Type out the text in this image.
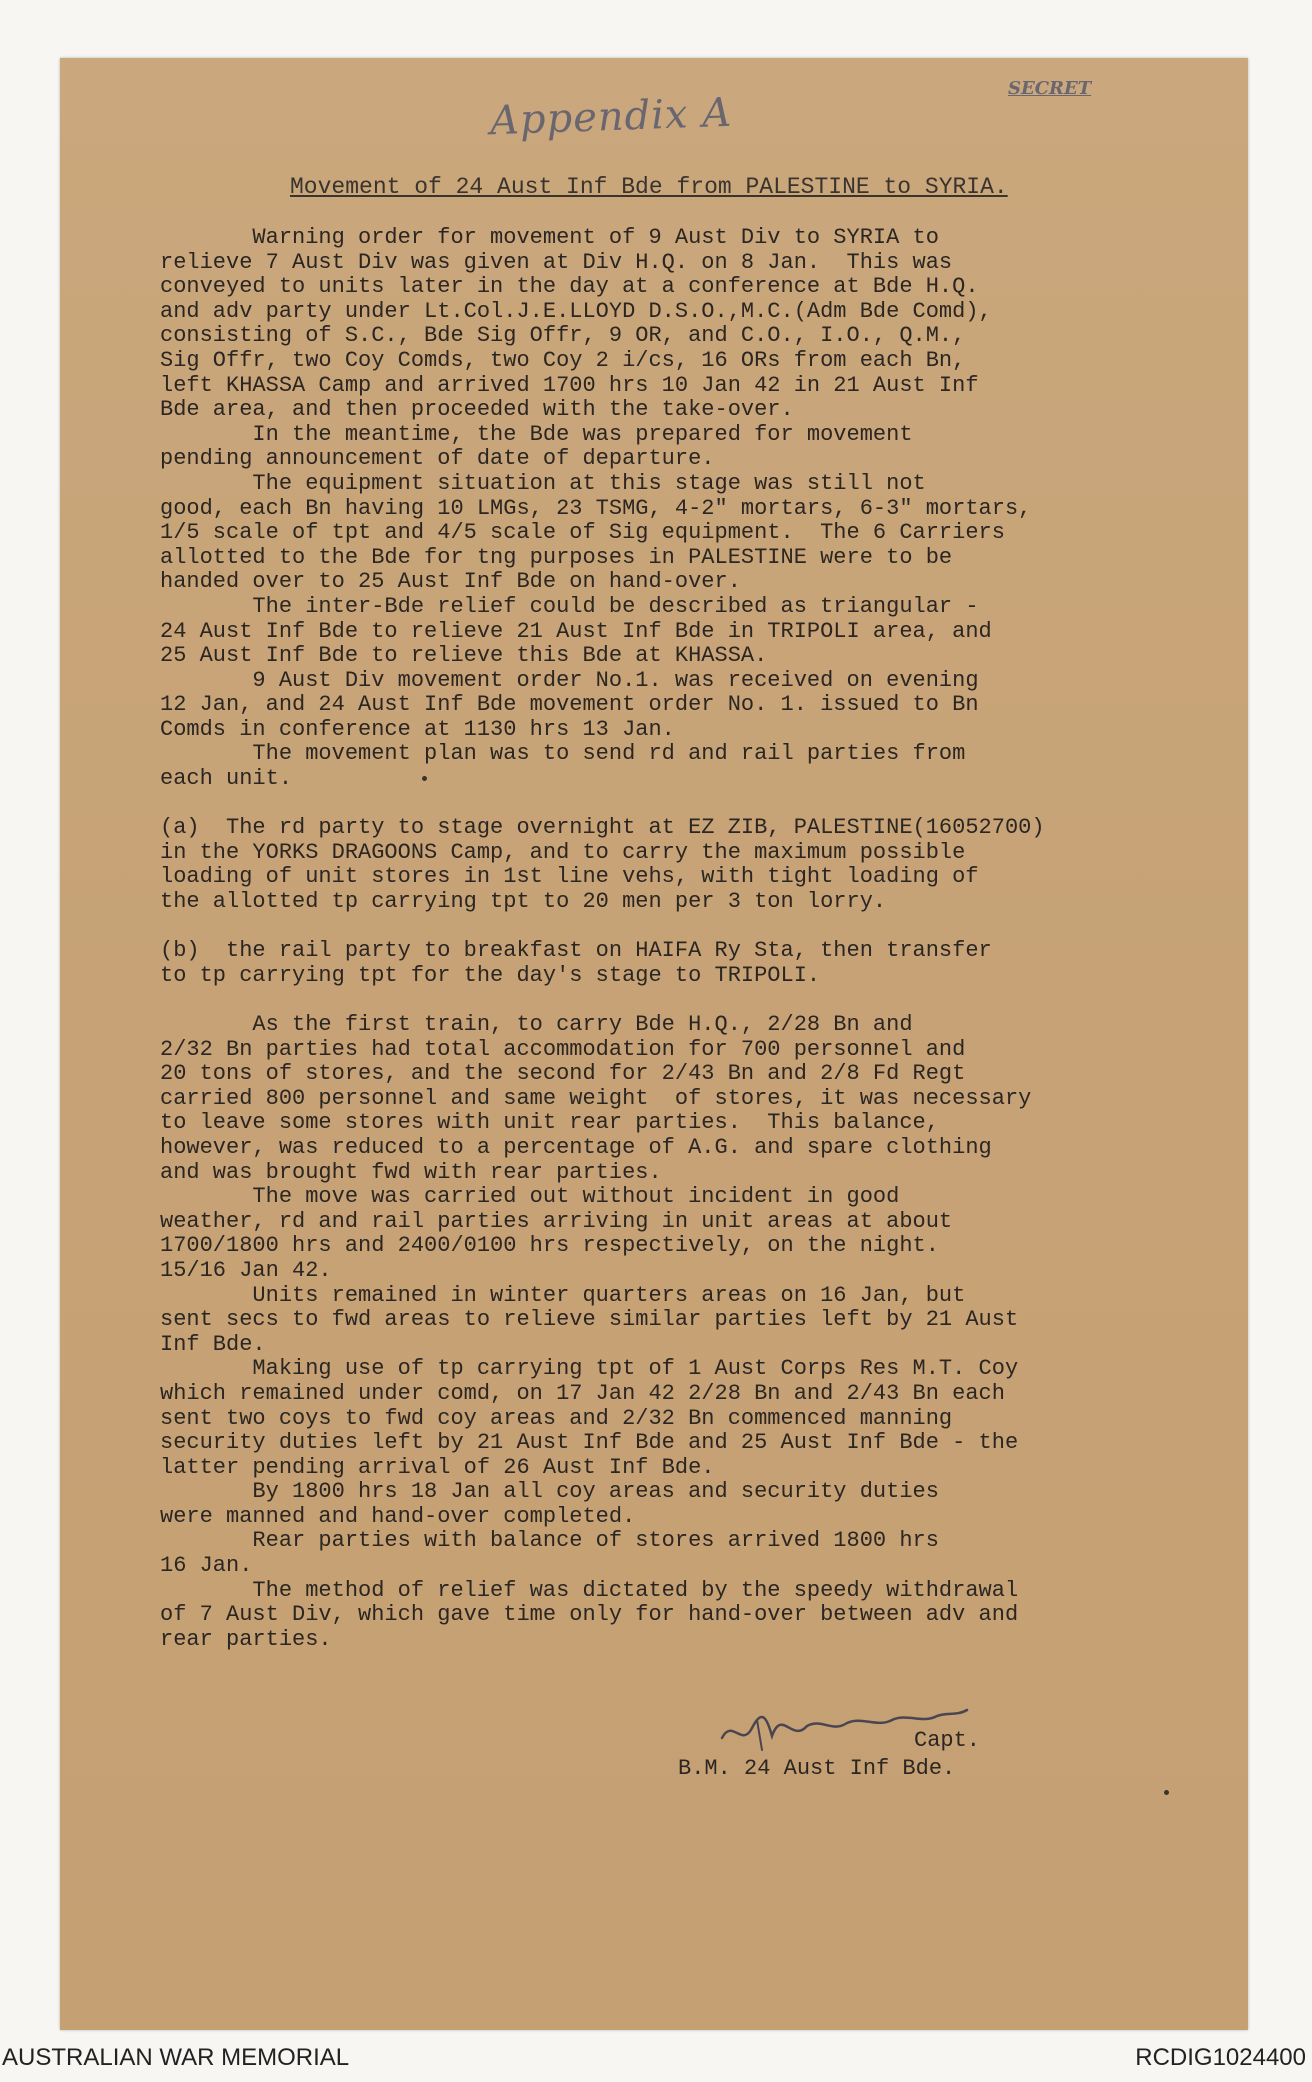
Appendix A
SECRET
Movement of 24 Aust Inf Bde from PALESTINE to SYRIA.
Warning order for movement of 9 Aust Div to SYRIA to
relieve 7 Aust Div was given at Div H.Q. on 8 Jan.  This was
conveyed to units later in the day at a conference at Bde H.Q.
and adv party under Lt.Col.J.E.LLOYD D.S.O.,M.C.(Adm Bde Comd),
consisting of S.C., Bde Sig Offr, 9 OR, and C.O., I.O., Q.M.,
Sig Offr, two Coy Comds, two Coy 2 i/cs, 16 ORs from each Bn,
left KHASSA Camp and arrived 1700 hrs 10 Jan 42 in 21 Aust Inf
Bde area, and then proceeded with the take-over.
In the meantime, the Bde was prepared for movement
pending announcement of date of departure.
The equipment situation at this stage was still not
good, each Bn having 10 LMGs, 23 TSMG, 4-2" mortars, 6-3" mortars,
1/5 scale of tpt and 4/5 scale of Sig equipment.  The 6 Carriers
allotted to the Bde for tng purposes in PALESTINE were to be
handed over to 25 Aust Inf Bde on hand-over.
The inter-Bde relief could be described as triangular -
24 Aust Inf Bde to relieve 21 Aust Inf Bde in TRIPOLI area, and
25 Aust Inf Bde to relieve this Bde at KHASSA.
9 Aust Div movement order No.1. was received on evening
12 Jan, and 24 Aust Inf Bde movement order No. 1. issued to Bn
Comds in conference at 1130 hrs 13 Jan.
The movement plan was to send rd and rail parties from
each unit.
(a)  The rd party to stage overnight at EZ ZIB, PALESTINE(16052700)
in the YORKS DRAGOONS Camp, and to carry the maximum possible
loading of unit stores in 1st line vehs, with tight loading of
the allotted tp carrying tpt to 20 men per 3 ton lorry.
(b)  the rail party to breakfast on HAIFA Ry Sta, then transfer
to tp carrying tpt for the day's stage to TRIPOLI.
As the first train, to carry Bde H.Q., 2/28 Bn and
2/32 Bn parties had total accommodation for 700 personnel and
20 tons of stores, and the second for 2/43 Bn and 2/8 Fd Regt
carried 800 personnel and same weight  of stores, it was necessary
to leave some stores with unit rear parties.  This balance,
however, was reduced to a percentage of A.G. and spare clothing
and was brought fwd with rear parties.
The move was carried out without incident in good
weather, rd and rail parties arriving in unit areas at about
1700/1800 hrs and 2400/0100 hrs respectively, on the night.
15/16 Jan 42.
Units remained in winter quarters areas on 16 Jan, but
sent secs to fwd areas to relieve similar parties left by 21 Aust
Inf Bde.
Making use of tp carrying tpt of 1 Aust Corps Res M.T. Coy
which remained under comd, on 17 Jan 42 2/28 Bn and 2/43 Bn each
sent two coys to fwd coy areas and 2/32 Bn commenced manning
security duties left by 21 Aust Inf Bde and 25 Aust Inf Bde - the
latter pending arrival of 26 Aust Inf Bde.
By 1800 hrs 18 Jan all coy areas and security duties
were manned and hand-over completed.
Rear parties with balance of stores arrived 1800 hrs
16 Jan.
The method of relief was dictated by the speedy withdrawal
of 7 Aust Div, which gave time only for hand-over between adv and
rear parties.
Capt.
B.M. 24 Aust Inf Bde.
AUSTRALIAN WAR MEMORIAL	RCDIG1024400
